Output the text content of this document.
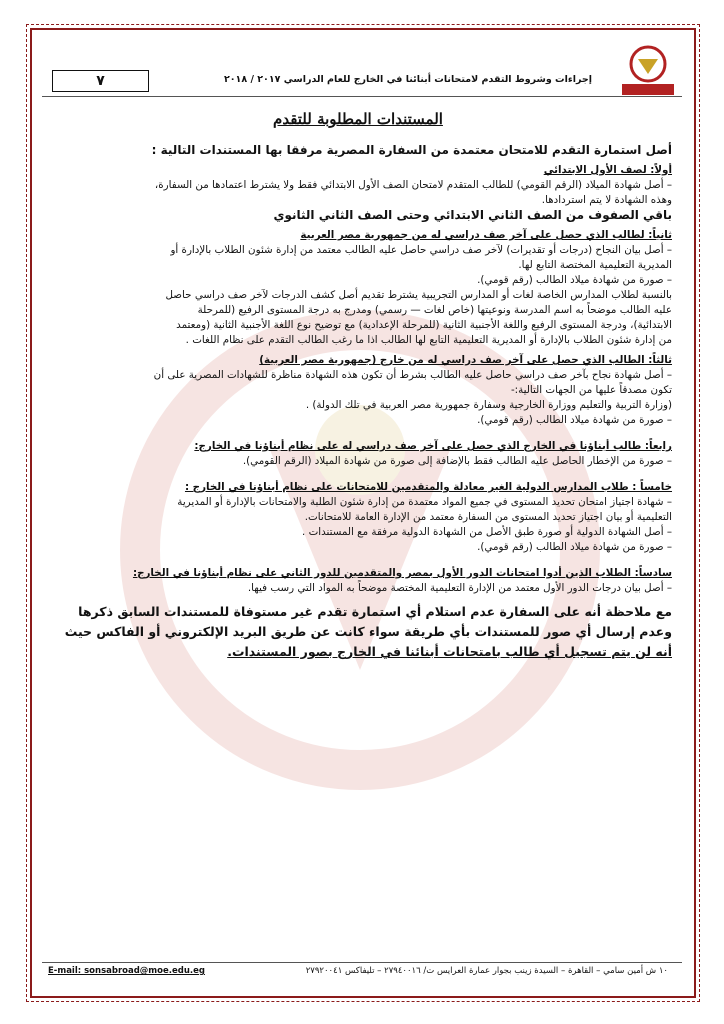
إجراءات وشروط التقدم لامتحانات أبنائنا في الخارج للعام الدراسي ٢٠١٧ / ٢٠١٨
٧
المستندات المطلوبة للتقدم

أصل استمارة التقدم للامتحان معتمدة من السفارة المصرية مرفقا بها المستندات التالية :

أولاً: لصف الأول الابتدائي

– أصل شهادة الميلاد (الرقم القومي) للطالب المتقدم لامتحان الصف الأول الابتدائي فقط ولا يشترط اعتمادها من السفارة،

وهذه الشهادة لا يتم استردادها.

باقي الصفوف من الصف الثاني الابتدائي وحتى الصف الثاني الثانوي

ثانياً: لطالب الذي حصل على آخر صف دراسي له من جمهورية مصر العربية

– أصل بيان النجاح (درجات أو تقديرات) لآخر صف دراسي حاصل عليه الطالب معتمد من إدارة شئون الطلاب بالإدارة أو

المديرية التعليمية المختصة التابع لها.

– صورة من شهادة ميلاد الطالب (رقم قومي).

بالنسبة لطلاب المدارس الخاصة لغات أو المدارس التجريبية يشترط تقديم أصل كشف الدرجات لآخر صف دراسي حاصل

عليه الطالب موضحاً به اسم المدرسة ونوعيتها (خاص لغات — رسمي) ومدرج به درجة المستوى الرفيع (للمرحلة

الابتدائية)، ودرجة المستوى الرفيع واللغة الأجنبية الثانية (للمرحلة الإعدادية) مع توضيح نوع اللغة الأجنبية الثانية (ومعتمد

من إدارة شئون الطلاب بالإدارة أو المديرية التعليمية التابع لها الطالب اذا ما رغب الطالب التقدم على نظام اللغات .

ثالثاً: الطالب الذي حصل على آخر صف دراسي له من خارج (جمهورية مصر العربية)

– أصل شهادة نجاح بآخر صف دراسي حاصل عليه الطالب بشرط أن تكون هذه الشهادة مناظرة للشهادات المصرية على أن

تكون مصدقاً عليها من الجهات التالية:-

(وزارة التربية والتعليم ووزارة الخارجية وسفارة جمهورية مصر العربية في تلك الدولة) .

– صورة من شهادة ميلاد الطالب (رقم قومي).

رابعاً: طالب أبناؤنا في الخارج الذي حصل على آخر صف دراسي له على نظام أبناؤنا في الخارج:

– صورة من الإخطار الحاصل عليه الطالب فقط بالإضافة إلى صورة من شهادة الميلاد (الرقم القومي).

خامساً : طلاب المدارس الدولية الغير معادلة والمتقدمين للامتحانات على نظام أبناؤنا في الخارج :

– شهادة اجتياز امتحان تحديد المستوى في جميع المواد معتمدة من إدارة شئون الطلبة والامتحانات بالإدارة أو المديرية

التعليمية أو بيان اجتياز تحديد المستوى من السفارة معتمد من الإدارة العامة للامتحانات.

– أصل الشهادة الدولية أو صورة طبق الأصل من الشهادة الدولية مرفقة مع المستندات .

– صورة من شهادة ميلاد الطالب (رقم قومي).

سادساً: الطلاب الذين أدوا امتحانات الدور الأول بمصر والمتقدمين للدور الثاني على نظام أبناؤنا في الخارج:

– أصل بيان درجات الدور الأول معتمد من الإدارة التعليمية المختصة موضحاً به المواد التي رسب فيها.

مع ملاحظة أنه على السفارة عدم استلام أي استمارة تقدم غير مستوفاة للمستندات السابق ذكرها

وعدم إرسال أي صور للمستندات بأي طريقة سواء كانت عن طريق البريد الإلكتروني أو الفاكس حيث

أنه لن يتم تسجيل أي طالب بامتحانات أبنائنا في الخارج بصور المستندات.

١٠ ش أمين سامي – القاهرة – السيدة زينب بجوار عمارة العرايس ت/ ٢٧٩٤٠٠١٦ – تليفاكس ٢٧٩٢٠٠٤١
E-mail: sonsabroad@moe.edu.eg
